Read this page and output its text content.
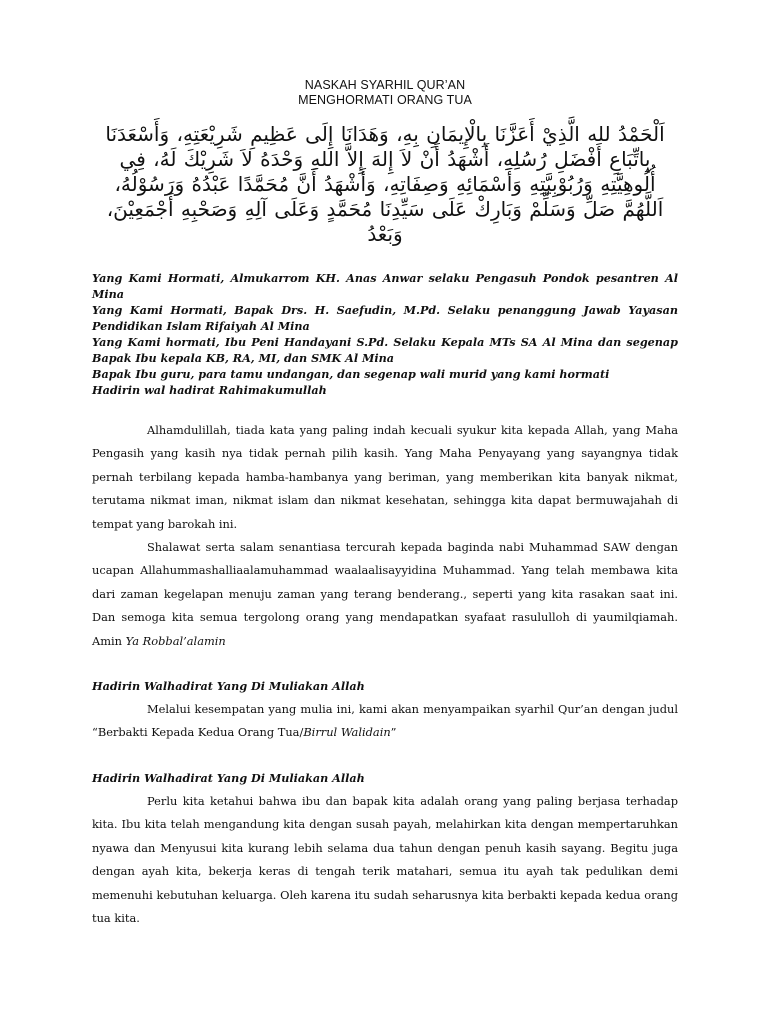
NASKAH SYARHIL QUR’AN
MENGHORMATI ORANG TUA
اَلْحَمْدُ لله الَّذِيْ أَعَزَّنَا بِالْإِيمَانِ بِهِ، وَهَدَانَا إِلَى عَظِيمِ شَرِيْعَتِهِ، وَأَسْعَدَنَا بِاتِّبَاعِ أَفْضَلِ رُسُلِهِ، أَشْهَدُ أَنْ لاَ إِلهَ إِلاَّ اللهِ وَحْدَهُ لاَ شَرِيْكَ لَهُ، فِي أُلُوهِيَّتِهِ وَرُبُوْبِيَّتِهِ وَأَسْمَائِهِ وَصِفَاتِهِ، وَأَشْهَدُ أَنَّ مُحَمَّدًا عَبْدُهُ وَرَسُوْلُهُ، اَللَّهُمَّ صَلِّ وَسَلِّمْ وَبَارِكْ عَلَى سَيِّدِنَا مُحَمَّدٍ وَعَلَى آلِهِ وَصَحْبِهِ أَجْمَعِيْنَ، وَبَعْدُ
Yang Kami Hormati, Almukarrom KH. Anas Anwar selaku Pengasuh Pondok pesantren Al Mina
Yang Kami Hormati, Bapak Drs. H. Saefudin, M.Pd. Selaku penanggung Jawab Yayasan Pendidikan Islam Rifaiyah Al Mina
Yang Kami hormati, Ibu Peni Handayani S.Pd. Selaku Kepala MTs SA Al Mina dan segenap Bapak Ibu kepala KB, RA, MI, dan SMK Al Mina
Bapak Ibu guru, para tamu undangan, dan segenap wali murid yang kami hormati
Hadirin wal hadirat Rahimakumullah

Alhamdulillah, tiada kata yang paling indah kecuali syukur kita kepada Allah, yang Maha Pengasih yang kasih nya tidak pernah pilih kasih. Yang Maha Penyayang yang sayangnya tidak pernah terbilang kepada hamba-hambanya yang beriman, yang memberikan kita banyak nikmat, terutama nikmat iman, nikmat islam dan nikmat kesehatan, sehingga kita dapat bermuwajahah di tempat yang barokah ini.

Shalawat serta salam senantiasa tercurah kepada baginda nabi Muhammad SAW dengan ucapan Allahummashalliaalamuhammad waalaalisayyidina Muhammad. Yang telah membawa kita dari zaman kegelapan menuju zaman yang terang benderang., seperti yang kita rasakan saat ini. Dan semoga kita semua tergolong orang yang mendapatkan syafaat rasululloh di yaumilqiamah. Amin Ya Robbal’alamin

Hadirin Walhadirat Yang Di Muliakan Allah

Melalui kesempatan yang mulia ini, kami akan menyampaikan syarhil Qur’an dengan judul “Berbakti Kepada Kedua Orang Tua/Birrul Walidain”

Hadirin Walhadirat Yang Di Muliakan Allah

Perlu kita ketahui bahwa ibu dan bapak kita adalah orang yang paling berjasa terhadap kita. Ibu kita telah mengandung kita dengan susah payah, melahirkan kita dengan mempertaruhkan nyawa dan Menyusui kita kurang lebih selama dua tahun dengan penuh kasih sayang. Begitu juga dengan ayah kita, bekerja keras di tengah terik matahari, semua itu ayah tak pedulikan demi memenuhi kebutuhan keluarga. Oleh karena itu sudah seharusnya kita berbakti kepada kedua orang tua kita.
